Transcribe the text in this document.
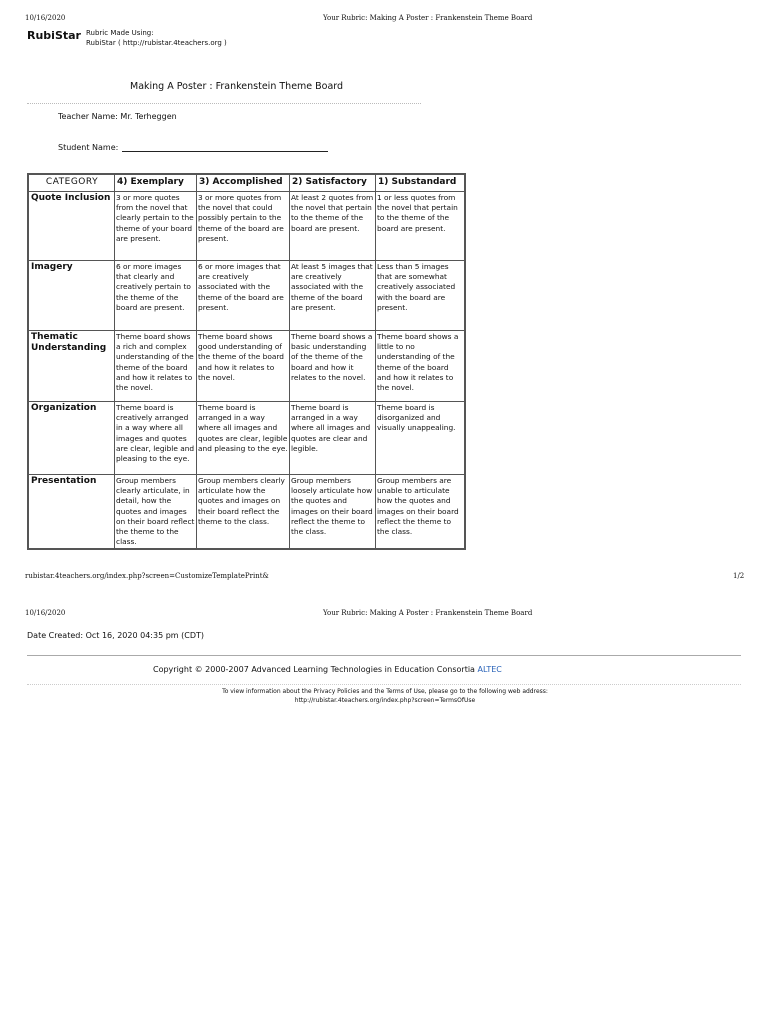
10/16/2020	Your Rubric: Making A Poster : Frankenstein Theme Board
RubiStar Rubric Made Using:
RubiStar ( http://rubistar.4teachers.org )
Making A Poster : Frankenstein Theme Board
Teacher Name: Mr. Terheggen
Student Name:
CATEGORY	4) Exemplary	3) Accomplished	2) Satisfactory	1) Substandard
Quote Inclusion	3 or more quotes from the novel that clearly pertain to the theme of your board are present.	3 or more quotes from the novel that could possibly pertain to the theme of the board are present.	At least 2 quotes from the novel that pertain to the theme of the board are present.	1 or less quotes from the novel that pertain to the theme of the board are present.
Imagery	6 or more images that clearly and creatively pertain to the theme of the board are present.	6 or more images that are creatively associated with the theme of the board are present.	At least 5 images that are creatively associated with the theme of the board are present.	Less than 5 images that are somewhat creatively associated with the board are present.
Thematic Understanding	Theme board shows a rich and complex understanding of the theme of the board and how it relates to the novel.	Theme board shows good understanding of the theme of the board and how it relates to the novel.	Theme board shows a basic understanding of the theme of the board and how it relates to the novel.	Theme board shows a little to no understanding of the theme of the board and how it relates to the novel.
Organization	Theme board is creatively arranged in a way where all images and quotes are clear, legible and pleasing to the eye.	Theme board is arranged in a way where all images and quotes are clear, legible and pleasing to the eye.	Theme board is arranged in a way where all images and quotes are clear and legible.	Theme board is disorganized and visually unappealing.
Presentation	Group members clearly articulate, in detail, how the quotes and images on their board reflect the theme to the class.	Group members clearly articulate how the quotes and images on their board reflect the theme to the class.	Group members loosely articulate how the quotes and images on their board reflect the theme to the class.	Group members are unable to articulate how the quotes and images on their board reflect the theme to the class.
rubistar.4teachers.org/index.php?screen=CustomizeTemplatePrint&	1/2
10/16/2020	Your Rubric: Making A Poster : Frankenstein Theme Board
Date Created: Oct 16, 2020 04:35 pm (CDT)
Copyright © 2000-2007 Advanced Learning Technologies in Education Consortia ALTEC
To view information about the Privacy Policies and the Terms of Use, please go to the following web address:
http://rubistar.4teachers.org/index.php?screen=TermsOfUse
